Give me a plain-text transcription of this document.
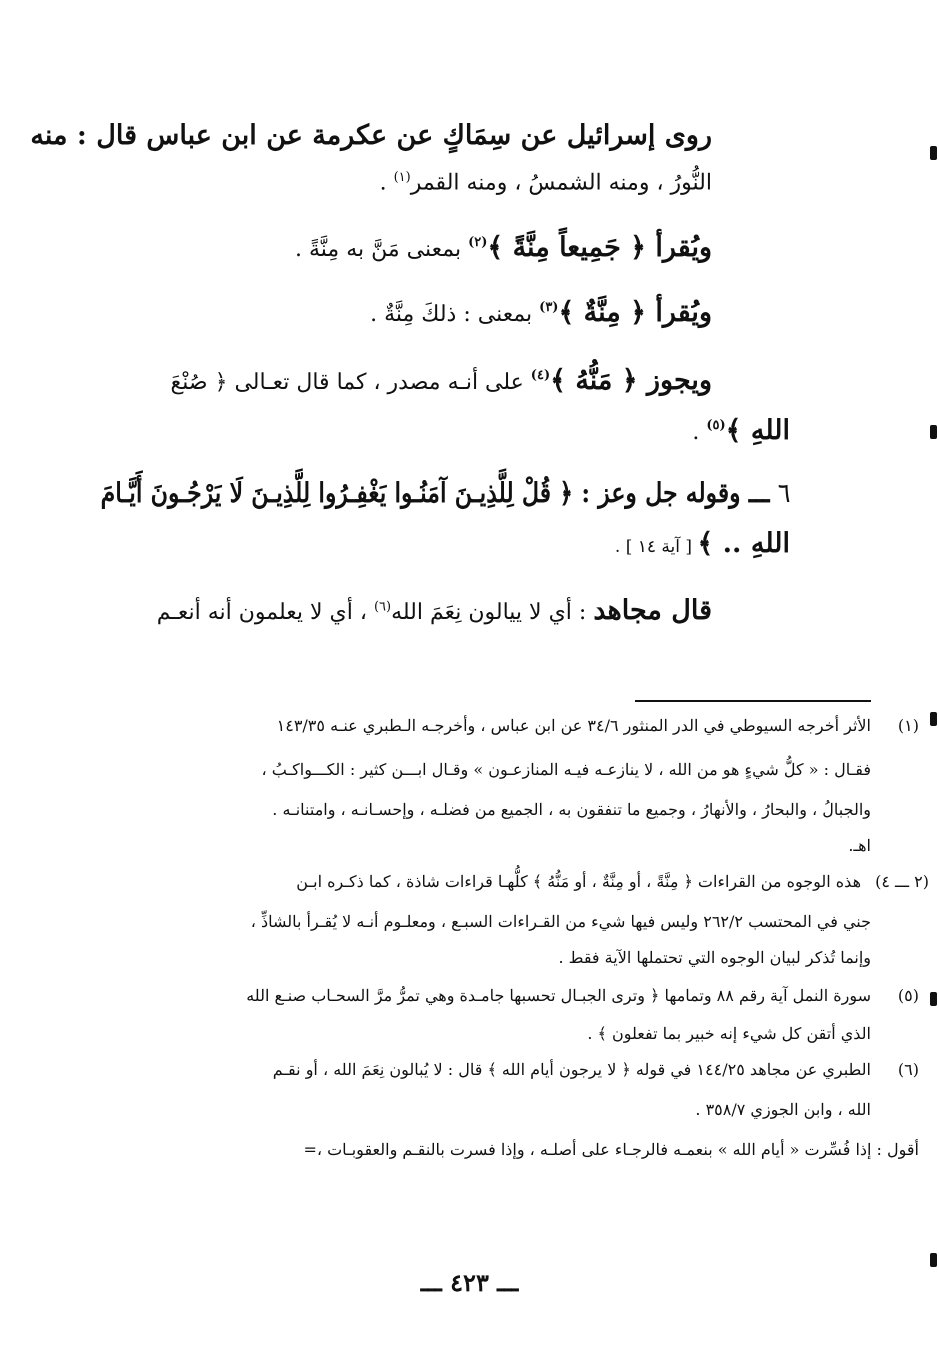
روى إسرائيل عن سِمَاكٍ عن عكرمة عن ابن عباس قال : منه
النُّورُ ، ومنه الشمسُ ، ومنه القمر$^{(١)}$ .
ويُقرأ ﴿ جَمِيعاً مِنَّةً ﴾$^{(٢)}$ بمعنى مَنَّ به مِنَّةً .
ويُقرأ ﴿ مِنَّةٌ ﴾$^{(٣)}$ بمعنى : ذلكَ مِنَّةٌ .
ويجوز ﴿ مَنُّهُ ﴾$^{(٤)}$ على أنـه مصدر ، كما قال تعـالى ﴿ صُنْعَ
اللهِ ﴾$^{(٥)}$ .
٦ ـــ وقوله جل وعز : ﴿ قُلْ لِلَّذِيـنَ آمَنُـوا يَغْفِـرُوا لِلَّذِيـنَ لَا يَرْجُـونَ أَيَّـامَ
اللهِ .. ﴾ [ آية ١٤ ] .
قال مجاهد : أي لا ييالون نِعَمَ الله$^{(٦)}$ ، أي لا يعلمون أنه أنعـم
(١)
الأثر أخرجه السيوطي في الدر المنثور ٣٤/٦ عن ابن عباس ، وأخرجـه الـطبري عنـه ١٤٣/٣٥
فقـال : « كلُّ شيءٍ هو من الله ، لا ينازعـه فيـه المنازعـون » وقـال ابـــن كثير : الكـــواكـبُ ،
والجبالُ ، والبحارُ ، والأنهارُ ، وجميع ما تنفقون به ، الجميع من فضلـه ، وإحسـانـه ، وامتنانـه .
اهـ.
(٢ ـــ ٤)
هذه الوجوه من القراءات ﴿ مِنَّةً ، أو مِنَّةٌ ، أو مَنُّهُ ﴾ كلُّهـا قراءات شاذة ، كما ذكـره ابـن
جني في المحتسب ٢٦٢/٢ وليس فيها شيء من القـراءات السبـع ، ومعلـوم أنـه لا يُقـرأ بالشاذِّ ،
وإنما تُذكر لبيان الوجوه التي تحتملها الآية فقط .
(٥)
سورة النمل آية رقم ٨٨ وتمامها ﴿ وترى الجبـال تحسبها جامـدة وهي تمرُّ مرَّ السحـاب صنـع الله
الذي أتقن كل شيء إنه خبير بما تفعلون ﴾ .
(٦)
الطبري عن مجاهد ١٤٤/٢٥ في قوله ﴿ لا يرجون أيام الله ﴾ قال : لا يُبالون نِعَمَ الله ، أو نقـم
الله ، وابن الجوزي ٣٥٨/٧ .
أقول : إذا فُسِّرت « أيام الله » بنعمـه فالرجـاء على أصلـه ، وإذا فسرت بالنقـم والعقوبـات ،=
ـــ ٤٢٣ ـــ
